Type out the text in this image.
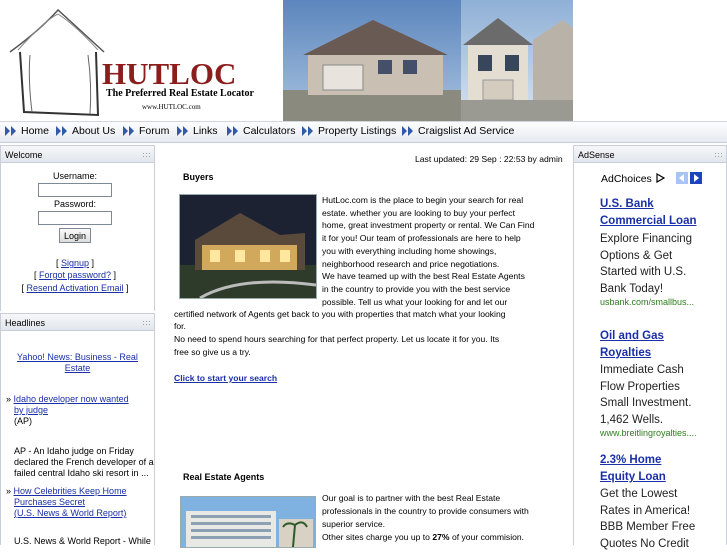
HUTLOC
The Preferred Real Estate Locator
www.HUTLOC.com
Home About Us Forum Links Calculators Property Listings Craigslist Ad Service
Welcome
Username:
Password:
Login
[ Signup ]
[ Forgot password? ]
[ Resend Activation Email ]
Headlines
Yahoo! News: Business - Real
Estate
» Idaho developer now wanted
by judge
(AP)
AP - An Idaho judge on Friday
declared the French developer of a
failed central Idaho ski resort in ...
» How Celebrities Keep Home
Purchases Secret
(U.S. News & World Report)
U.S. News & World Report - While
Last updated: 29 Sep : 22:53 by admin
Buyers
HutLoc.com is the place to begin your search for real
estate. whether you are looking to buy your perfect
home, great investment property or rental. We Can Find
it for you! Our team of professionals are here to help
you with everything including home showings,
neighborhood research and price negotiations.
We have teamed up with the best Real Estate Agents
in the country to provide you with the best service
possible. Tell us what your looking for and let our
certified network of Agents get back to you with properties that match what your looking
for.
No need to spend hours searching for that perfect property. Let us locate it for you. Its
free so give us a try.
Click to start your search
Real Estate Agents
Our goal is to partner with the best Real Estate
professionals in the country to provide consumers with
superior service.
Other sites charge you up to 27% of your commision.
AdSense
AdChoices
U.S. Bank
Commercial Loan
Explore Financing
Options & Get
Started with U.S.
Bank Today!
usbank.com/smallbus...
Oil and Gas
Royalties
Immediate Cash
Flow Properties
Small Investment.
1,462 Wells.
www.breitlingroyalties....
2.3% Home
Equity Loan
Get the Lowest
Rates in America!
BBB Member Free
Quotes No Credit
